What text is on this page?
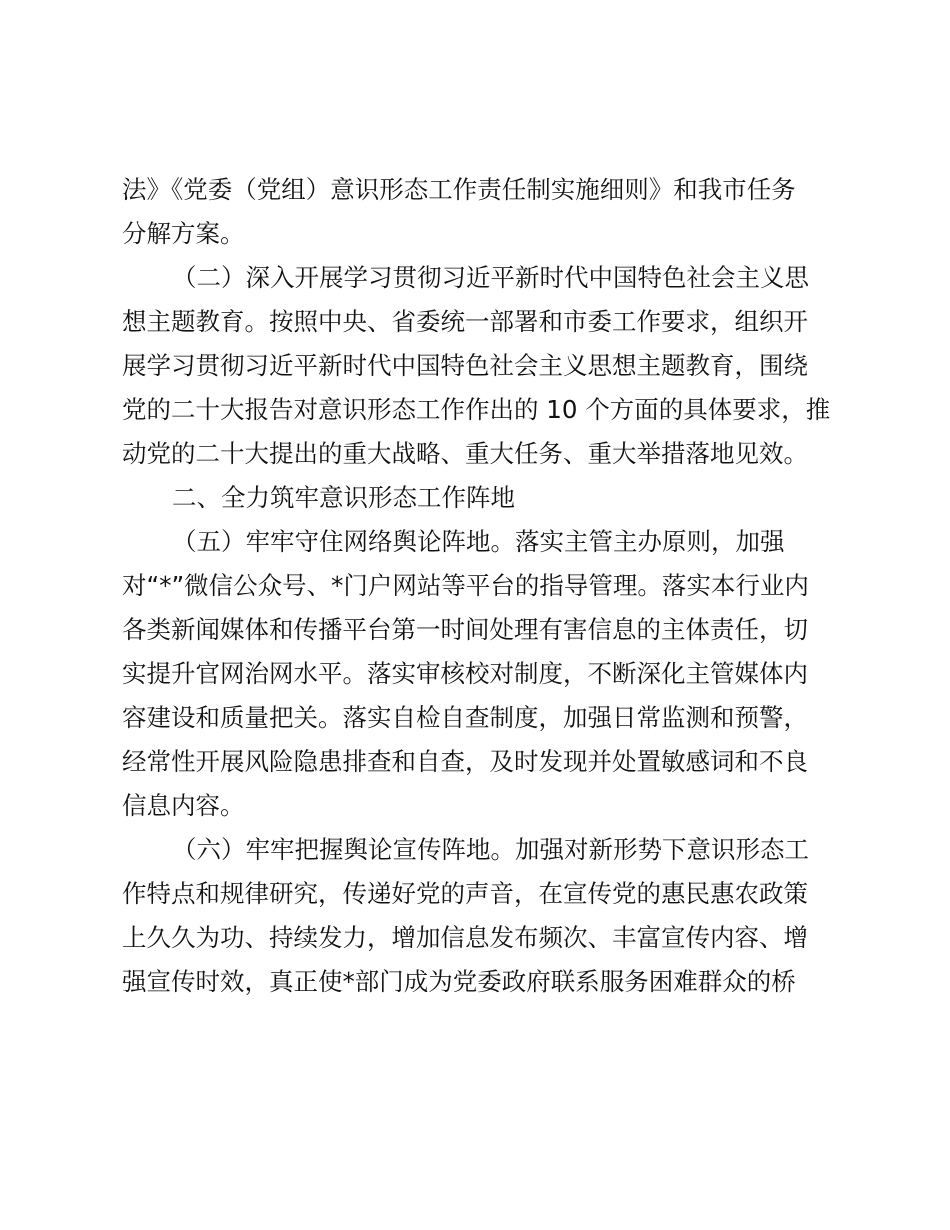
法》《党委（党组）意识形态工作责任制实施细则》和我市任务
分解方案。
（二）深入开展学习贯彻习近平新时代中国特色社会主义思
想主题教育。按照中央、省委统一部署和市委工作要求，组织开
展学习贯彻习近平新时代中国特色社会主义思想主题教育，围绕
党的二十大报告对意识形态工作作出的 10 个方面的具体要求，推
动党的二十大提出的重大战略、重大任务、重大举措落地见效。
二、全力筑牢意识形态工作阵地
（五）牢牢守住网络舆论阵地。落实主管主办原则，加强
对“*”微信公众号、*门户网站等平台的指导管理。落实本行业内
各类新闻媒体和传播平台第一时间处理有害信息的主体责任，切
实提升官网治网水平。落实审核校对制度，不断深化主管媒体内
容建设和质量把关。落实自检自查制度，加强日常监测和预警，
经常性开展风险隐患排查和自查，及时发现并处置敏感词和不良
信息内容。
（六）牢牢把握舆论宣传阵地。加强对新形势下意识形态工
作特点和规律研究，传递好党的声音，在宣传党的惠民惠农政策
上久久为功、持续发力，增加信息发布频次、丰富宣传内容、增
强宣传时效，真正使*部门成为党委政府联系服务困难群众的桥
